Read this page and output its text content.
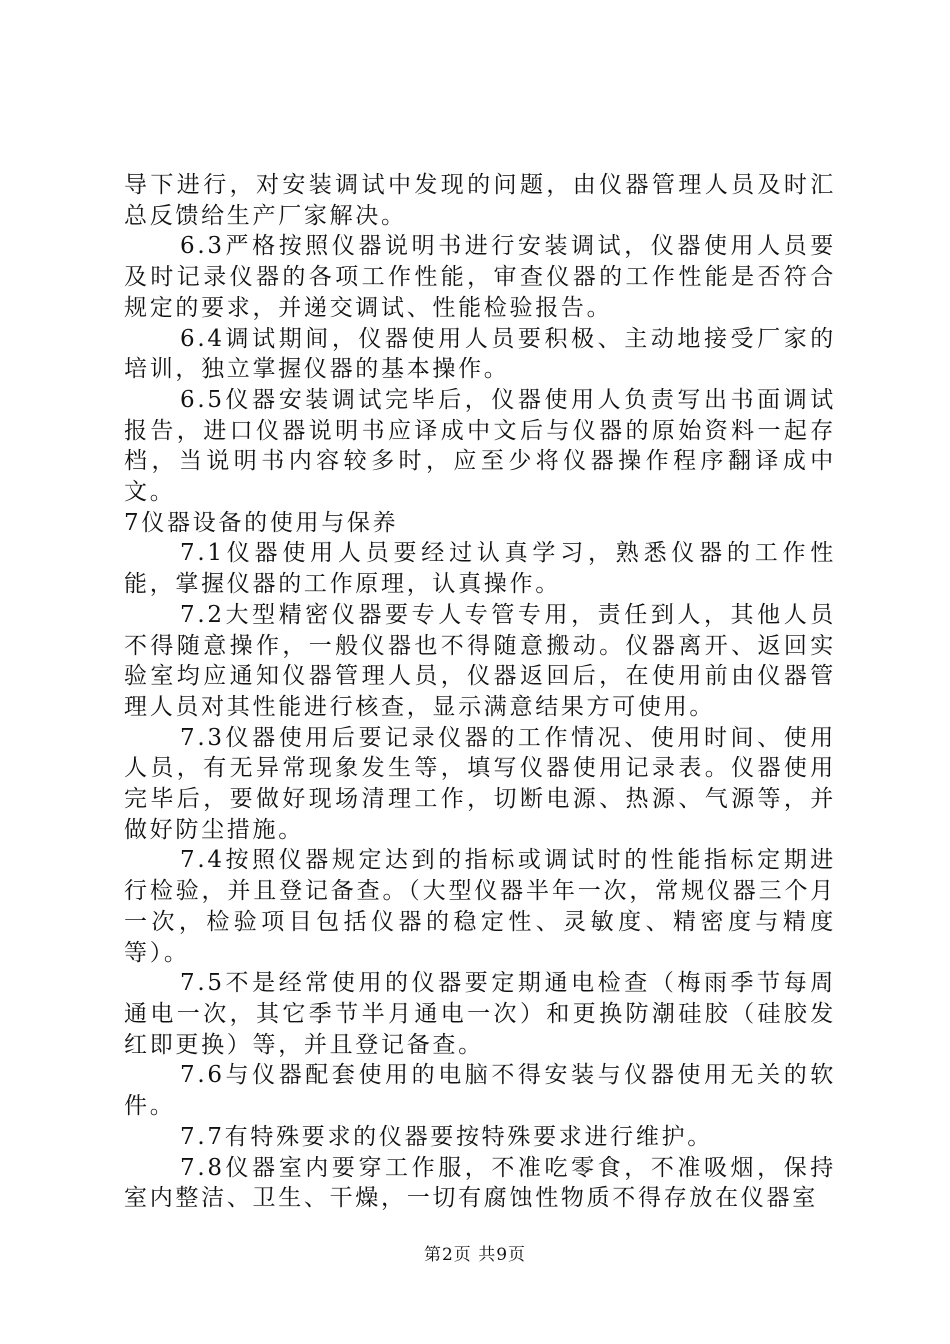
导下进行，对安装调试中发现的问题，由仪器管理人员及时汇总反馈给生产厂家解决。

6.3严格按照仪器说明书进行安装调试，仪器使用人员要及时记录仪器的各项工作性能，审查仪器的工作性能是否符合规定的要求，并递交调试、性能检验报告。

6.4调试期间，仪器使用人员要积极、主动地接受厂家的培训，独立掌握仪器的基本操作。

6.5仪器安装调试完毕后，仪器使用人负责写出书面调试报告，进口仪器说明书应译成中文后与仪器的原始资料一起存档，当说明书内容较多时，应至少将仪器操作程序翻译成中文。

7仪器设备的使用与保养

7.1仪器使用人员要经过认真学习，熟悉仪器的工作性能，掌握仪器的工作原理，认真操作。

7.2大型精密仪器要专人专管专用，责任到人，其他人员不得随意操作，一般仪器也不得随意搬动。仪器离开、返回实验室均应通知仪器管理人员，仪器返回后，在使用前由仪器管理人员对其性能进行核查，显示满意结果方可使用。

7.3仪器使用后要记录仪器的工作情况、使用时间、使用人员，有无异常现象发生等，填写仪器使用记录表。仪器使用完毕后，要做好现场清理工作，切断电源、热源、气源等，并做好防尘措施。

7.4按照仪器规定达到的指标或调试时的性能指标定期进行检验，并且登记备查。（大型仪器半年一次，常规仪器三个月一次，检验项目包括仪器的稳定性、灵敏度、精密度与精度等）。

7.5不是经常使用的仪器要定期通电检查（梅雨季节每周通电一次，其它季节半月通电一次）和更换防潮硅胶（硅胶发红即更换）等，并且登记备查。

7.6与仪器配套使用的电脑不得安装与仪器使用无关的软件。

7.7有特殊要求的仪器要按特殊要求进行维护。

7.8仪器室内要穿工作服，不准吃零食，不准吸烟，保持室内整洁、卫生、干燥，一切有腐蚀性物质不得存放在仪器室

第2页 共9页
